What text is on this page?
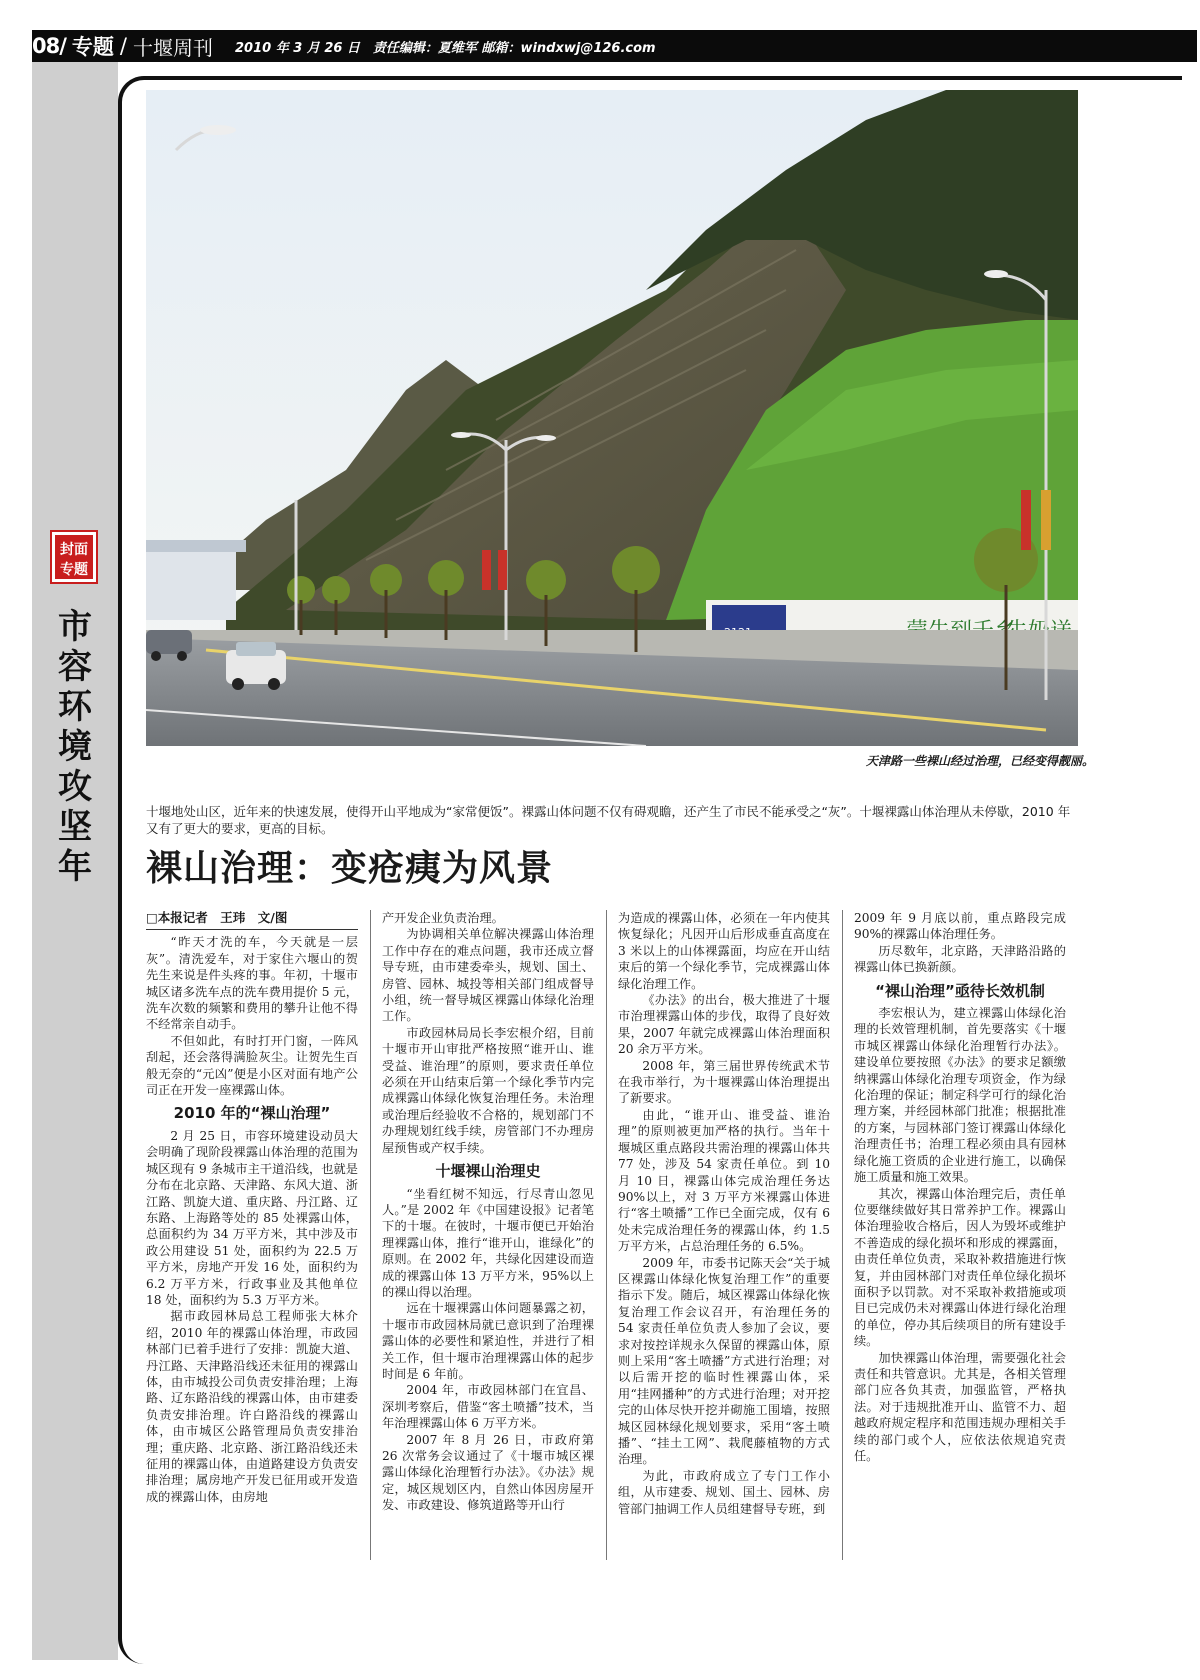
08/ 专题 / 十堰周刊 2010 年 3 月 26 日　责任编辑：夏维军 邮箱：windxwj@126.com
封面 专题
市容环境攻坚年
天津路一些裸山经过治理，已经变得靓丽。
十堰地处山区，近年来的快速发展，使得开山平地成为“家常便饭”。裸露山体问题不仅有碍观瞻，还产生了市民不能承受之“灰”。十堰裸露山体治理从未停歇，2010 年又有了更大的要求，更高的目标。
裸山治理：变疮痍为风景
□本报记者　王玮　文/图

“昨天才洗的车，今天就是一层灰”。清洗爱车，对于家住六堰山的贺先生来说是件头疼的事。年初，十堰市城区诸多洗车点的洗车费用提价 5 元，洗车次数的频繁和费用的攀升让他不得不经常亲自动手。

不但如此，有时打开门窗，一阵风刮起，还会落得满脸灰尘。让贺先生百般无奈的“元凶”便是小区对面有地产公司正在开发一座裸露山体。

2010 年的“裸山治理”

2 月 25 日，市容环境建设动员大会明确了现阶段裸露山体治理的范围为城区现有 9 条城市主干道沿线，也就是分布在北京路、天津路、东风大道、浙江路、凯旋大道、重庆路、丹江路、辽东路、上海路等处的 85 处裸露山体，总面积约为 34 万平方米，其中涉及市政公用建设 51 处，面积约为 22.5 万平方米，房地产开发 16 处，面积约为 6.2 万平方米，行政事业及其他单位 18 处，面积约为 5.3 万平方米。

据市政园林局总工程师张大林介绍，2010 年的裸露山体治理，市政园林部门已着手进行了安排：凯旋大道、丹江路、天津路沿线还未征用的裸露山体，由市城投公司负责安排治理；上海路、辽东路沿线的裸露山体，由市建委负责安排治理。许白路沿线的裸露山体，由市城区公路管理局负责安排治理；重庆路、北京路、浙江路沿线还未征用的裸露山体，由道路建设方负责安排治理；属房地产开发已征用或开发造成的裸露山体，由房地

产开发企业负责治理。

为协调相关单位解决裸露山体治理工作中存在的难点问题，我市还成立督导专班，由市建委牵头，规划、国土、房管、园林、城投等相关部门组成督导小组，统一督导城区裸露山体绿化治理工作。

市政园林局局长李宏根介绍，目前十堰市开山审批严格按照“谁开山、谁受益、谁治理”的原则，要求责任单位必须在开山结束后第一个绿化季节内完成裸露山体绿化恢复治理任务。未治理或治理后经验收不合格的，规划部门不办理规划红线手续，房管部门不办理房屋预售或产权手续。

十堰裸山治理史

“坐看红树不知远，行尽青山忽见人。”是 2002 年《中国建设报》记者笔下的十堰。在彼时，十堰市便已开始治理裸露山体，推行“谁开山，谁绿化”的原则。在 2002 年，共绿化因建设而造成的裸露山体 13 万平方米，95%以上的裸山得以治理。

远在十堰裸露山体问题暴露之初，十堰市市政园林局就已意识到了治理裸露山体的必要性和紧迫性，并进行了相关工作，但十堰市治理裸露山体的起步时间是 6 年前。

2004 年，市政园林部门在宜昌、深圳考察后，借鉴“客土喷播”技术，当年治理裸露山体 6 万平方米。

2007 年 8 月 26 日，市政府第 26 次常务会议通过了《十堰市城区裸露山体绿化治理暂行办法》。《办法》规定，城区规划区内，自然山体因房屋开发、市政建设、修筑道路等开山行

为造成的裸露山体，必须在一年内使其恢复绿化；凡因开山后形成垂直高度在 3 米以上的山体裸露面，均应在开山结束后的第一个绿化季节，完成裸露山体绿化治理工作。

《办法》的出台，极大推进了十堰市治理裸露山体的步伐，取得了良好效果，2007 年就完成裸露山体治理面积 20 余万平方米。

2008 年，第三届世界传统武术节在我市举行，为十堰裸露山体治理提出了新要求。

由此，“谁开山、谁受益、谁治理”的原则被更加严格的执行。当年十堰城区重点路段共需治理的裸露山体共 77 处，涉及 54 家责任单位。到 10 月 10 日，裸露山体完成治理任务达 90%以上，对 3 万平方米裸露山体进行“客土喷播”工作已全面完成，仅有 6 处未完成治理任务的裸露山体，约 1.5 万平方米，占总治理任务的 6.5%。

2009 年，市委书记陈天会“关于城区裸露山体绿化恢复治理工作”的重要指示下发。随后，城区裸露山体绿化恢复治理工作会议召开，有治理任务的 54 家责任单位负责人参加了会议，要求对按控详规永久保留的裸露山体，原则上采用“客土喷播”方式进行治理；对以后需开挖的临时性裸露山体，采用“挂网播种”的方式进行治理；对开挖完的山体尽快开挖并砌施工围墙，按照城区园林绿化规划要求，采用“客土喷播”、“挂土工网”、栽爬藤植物的方式治理。

为此，市政府成立了专门工作小组，从市建委、规划、国土、园林、房管部门抽调工作人员组建督导专班，到

2009 年 9 月底以前，重点路段完成 90%的裸露山体治理任务。

历尽数年，北京路，天津路沿路的裸露山体已换新颜。

“裸山治理”亟待长效机制

李宏根认为，建立裸露山体绿化治理的长效管理机制，首先要落实《十堰市城区裸露山体绿化治理暂行办法》。建设单位要按照《办法》的要求足额缴纳裸露山体绿化治理专项资金，作为绿化治理的保证；制定科学可行的绿化治理方案，并经园林部门批准；根据批准的方案，与园林部门签订裸露山体绿化治理责任书；治理工程必须由具有园林绿化施工资质的企业进行施工，以确保施工质量和施工效果。

其次，裸露山体治理完后，责任单位要继续做好其日常养护工作。裸露山体治理验收合格后，因人为毁坏或维护不善造成的绿化损坏和形成的裸露面，由责任单位负责，采取补救措施进行恢复，并由园林部门对责任单位绿化损坏面积予以罚款。对不采取补救措施或项目已完成仍未对裸露山体进行绿化治理的单位，停办其后续项目的所有建设手续。

加快裸露山体治理，需要强化社会责任和共管意识。尤其是，各相关管理部门应各负其责，加强监管，严格执法。对于违规批准开山、监管不力、超越政府规定程序和范围违规办理相关手续的部门或个人，应依法依规追究责任。
